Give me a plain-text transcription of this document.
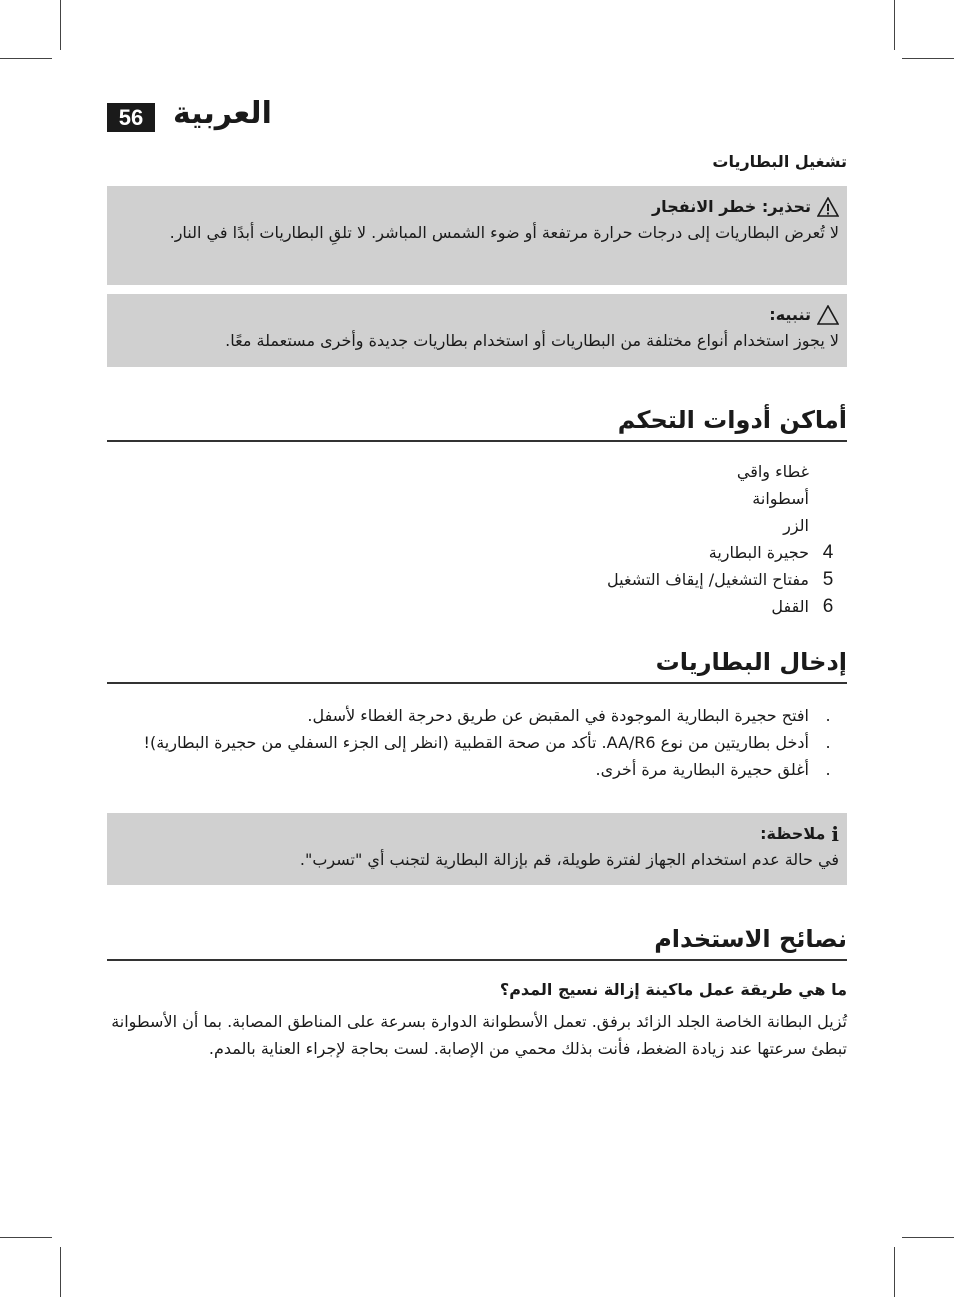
56 العربية
تشغيل البطاريات
تحذير: خطر الانفجار
لا تُعرض البطاريات إلى درجات حرارة مرتفعة أو ضوء الشمس المباشر. لا تلقِ البطاريات أبدًا في النار.
تنبيه:
لا يجوز استخدام أنواع مختلفة من البطاريات أو استخدام بطاريات جديدة وأخرى مستعملة معًا.
أماكن أدوات التحكم
غطاء واقي
أسطوانة
الزر
4
حجيرة البطارية
5
مفتاح التشغيل/ إيقاف التشغيل
6
القفل
إدخال البطاريات
.
افتح حجيرة البطارية الموجودة في المقبض عن طريق دحرجة الغطاء لأسفل.
.
أدخل بطاريتين من نوع AA/R6. تأكد من صحة القطبية (انظر إلى الجزء السفلي من حجيرة البطارية)!
.
أغلق حجيرة البطارية مرة أخرى.
i
ملاحظة:
في حالة عدم استخدام الجهاز لفترة طويلة، قم بإزالة البطارية لتجنب أي "تسرب".
نصائح الاستخدام
ما هي طريقة عمل ماكينة إزالة نسيج المدم؟
تُزيل البطانة الخاصة الجلد الزائد برفق. تعمل الأسطوانة الدوارة بسرعة على المناطق المصابة. بما أن الأسطوانة تبطئ سرعتها عند زيادة الضغط، فأنت بذلك محمي من الإصابة. لست بحاجة لإجراء العناية بالمدم.
